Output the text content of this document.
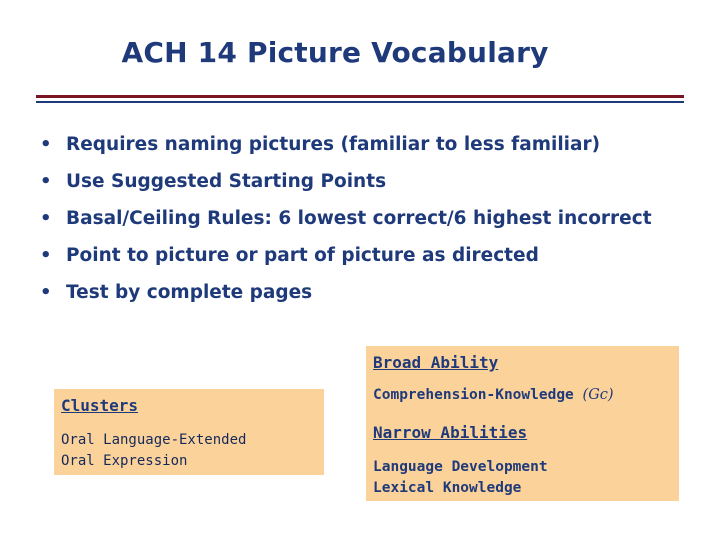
ACH 14 Picture Vocabulary
• Requires naming pictures (familiar to less familiar)
• Use Suggested Starting Points
• Basal/Ceiling Rules: 6 lowest correct/6 highest incorrect
• Point to picture or part of picture as directed
• Test by complete pages
Clusters
Oral Language-Extended
Oral Expression
Broad Ability
Comprehension-Knowledge (Gc)
Narrow Abilities
Language Development
Lexical Knowledge
